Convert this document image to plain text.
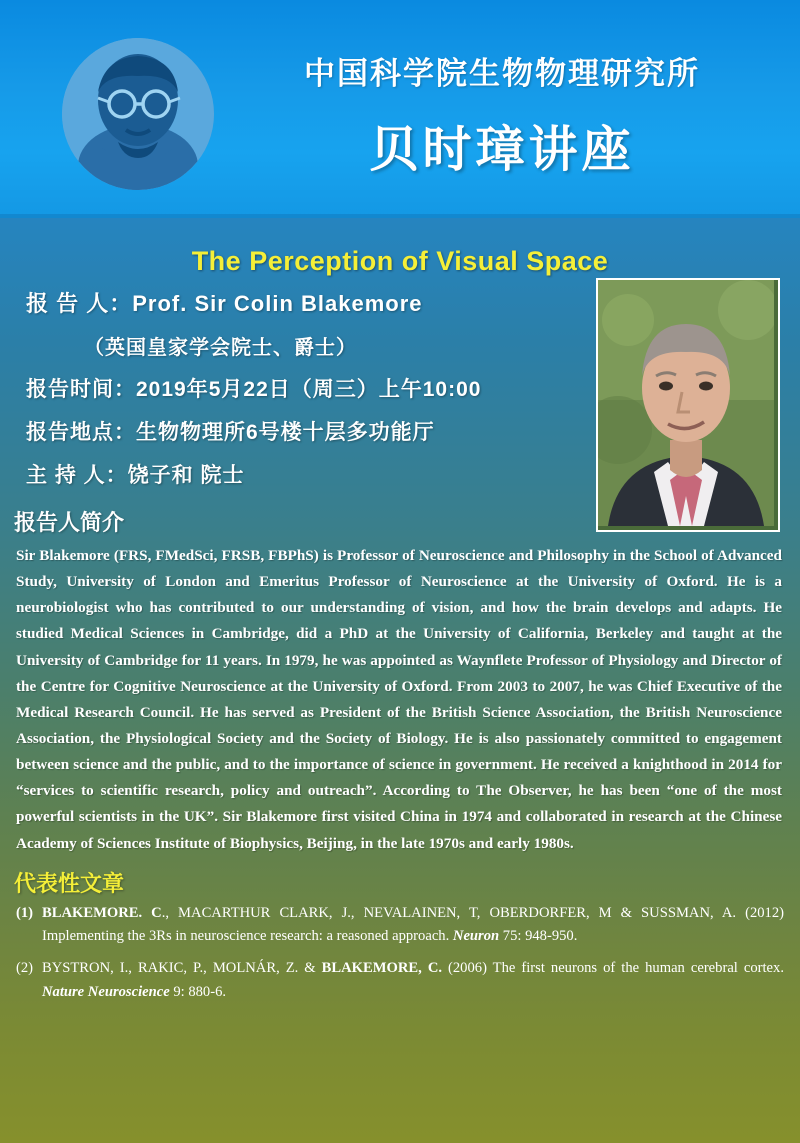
中国科学院生物物理研究所
贝时璋讲座
The Perception of Visual Space
报 告 人：Prof. Sir Colin Blakemore
（英国皇家学会院士、爵士）
报告时间：2019年5月22日（周三）上午10:00
报告地点：生物物理所6号楼十层多功能厅
主 持 人：饶子和 院士
报告人简介
Sir Blakemore (FRS, FMedSci, FRSB, FBPhS) is Professor of Neuroscience and Philosophy in the School of Advanced Study, University of London and Emeritus Professor of Neuroscience at the University of Oxford. He is a neurobiologist who has contributed to our understanding of vision, and how the brain develops and adapts. He studied Medical Sciences in Cambridge, did a PhD at the University of California, Berkeley and taught at the University of Cambridge for 11 years. In 1979, he was appointed as Waynflete Professor of Physiology and Director of the Centre for Cognitive Neuroscience at the University of Oxford. From 2003 to 2007, he was Chief Executive of the Medical Research Council. He has served as President of the British Science Association, the British Neuroscience Association, the Physiological Society and the Society of Biology. He is also passionately committed to engagement between science and the public, and to the importance of science in government. He received a knighthood in 2014 for “services to scientific research, policy and outreach”. According to The Observer, he has been “one of the most powerful scientists in the UK”. Sir Blakemore first visited China in 1974 and collaborated in research at the Chinese Academy of Sciences Institute of Biophysics, Beijing, in the late 1970s and early 1980s.
代表性文章
(1) BLAKEMORE. C., MACARTHUR CLARK, J., NEVALAINEN, T, OBERDORFER, M & SUSSMAN, A. (2012) Implementing the 3Rs in neuroscience research: a reasoned approach. Neuron 75: 948-950.
(2) BYSTRON, I., RAKIC, P., MOLNÁR, Z. & BLAKEMORE, C. (2006) The first neurons of the human cerebral cortex. Nature Neuroscience 9: 880-6.
